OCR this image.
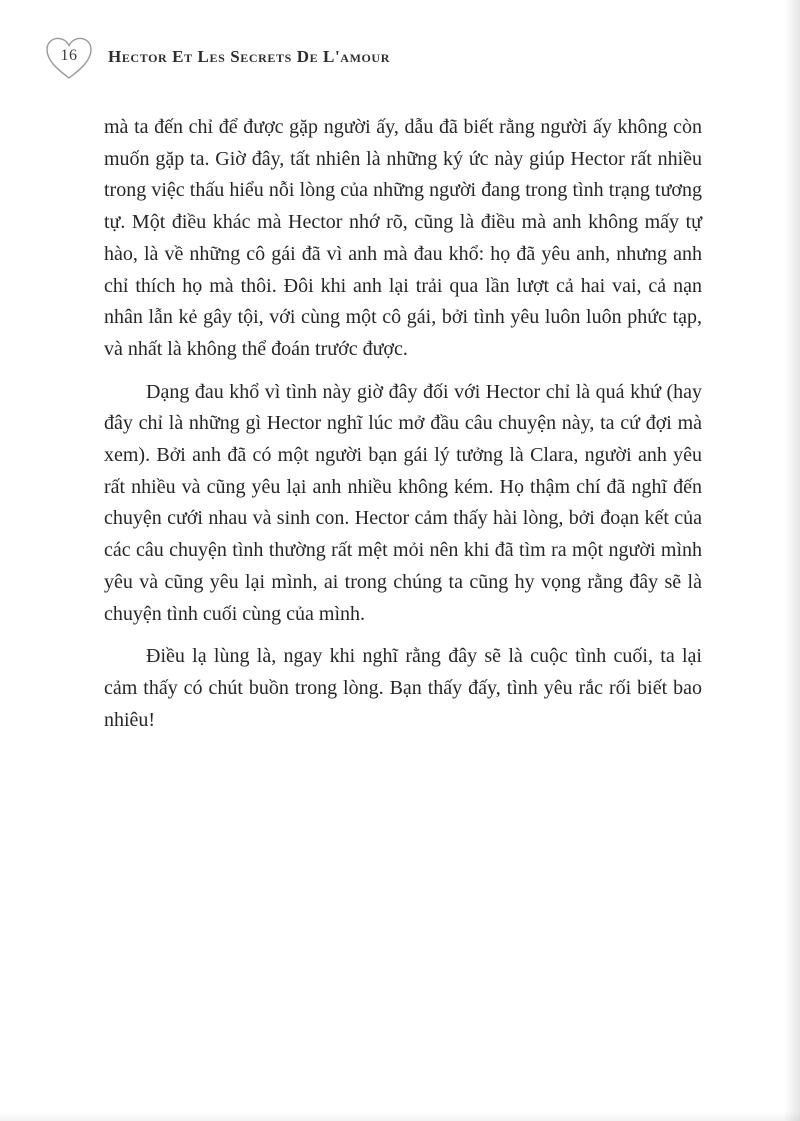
16	Hector Et Les Secrets De L'amour

mà ta đến chỉ để được gặp người ấy, dẫu đã biết rằng người ấy không còn muốn gặp ta. Giờ đây, tất nhiên là những ký ức này giúp Hector rất nhiều trong việc thấu hiểu nỗi lòng của những người đang trong tình trạng tương tự. Một điều khác mà Hector nhớ rõ, cũng là điều mà anh không mấy tự hào, là về những cô gái đã vì anh mà đau khổ: họ đã yêu anh, nhưng anh chỉ thích họ mà thôi. Đôi khi anh lại trải qua lần lượt cả hai vai, cả nạn nhân lẫn kẻ gây tội, với cùng một cô gái, bởi tình yêu luôn luôn phức tạp, và nhất là không thể đoán trước được.

Dạng đau khổ vì tình này giờ đây đối với Hector chỉ là quá khứ (hay đây chỉ là những gì Hector nghĩ lúc mở đầu câu chuyện này, ta cứ đợi mà xem). Bởi anh đã có một người bạn gái lý tưởng là Clara, người anh yêu rất nhiều và cũng yêu lại anh nhiều không kém. Họ thậm chí đã nghĩ đến chuyện cưới nhau và sinh con. Hector cảm thấy hài lòng, bởi đoạn kết của các câu chuyện tình thường rất mệt mỏi nên khi đã tìm ra một người mình yêu và cũng yêu lại mình, ai trong chúng ta cũng hy vọng rằng đây sẽ là chuyện tình cuối cùng của mình.

Điều lạ lùng là, ngay khi nghĩ rằng đây sẽ là cuộc tình cuối, ta lại cảm thấy có chút buồn trong lòng. Bạn thấy đấy, tình yêu rắc rối biết bao nhiêu!
